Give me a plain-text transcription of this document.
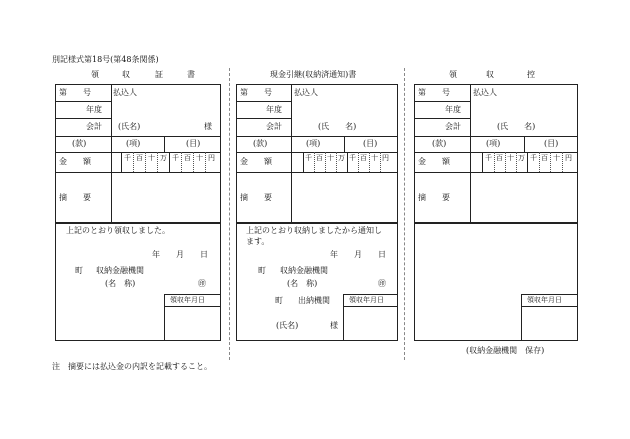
別記様式第18号(第48条関係)
領	収	証	書
第　　号	払込人
年度
会計 (氏名)	様
(款)	(項)	(目)
金　　額	千 百 十 万 千 百 十 円
摘　　要
上記のとおり領収しました。
年　　月　　日
町 収納金融機関
(名　称)	㊞
領収年月日
現金引継(収納済通知)書
第　　号	払込人
年度
会計	(氏　　名)
(款)	(項)	(目)
金　　額	千 百 十 万 千 百 十 円
摘　　要
上記のとおり収納しましたから通知し
ます。
年　　月　　日
町 収納金融機関
(名　称)	㊞
町 出納機関
(氏名)	様
領収年月日
領	収	控
第　　号	払込人
年度
会計	(氏　　名)
(款)	(項)	(目)
金　　額	千 百 十 万 千 百 十 円
摘　　要
領収年月日
(収納金融機関　保存)
注　摘要には払込金の内訳を記載すること。
